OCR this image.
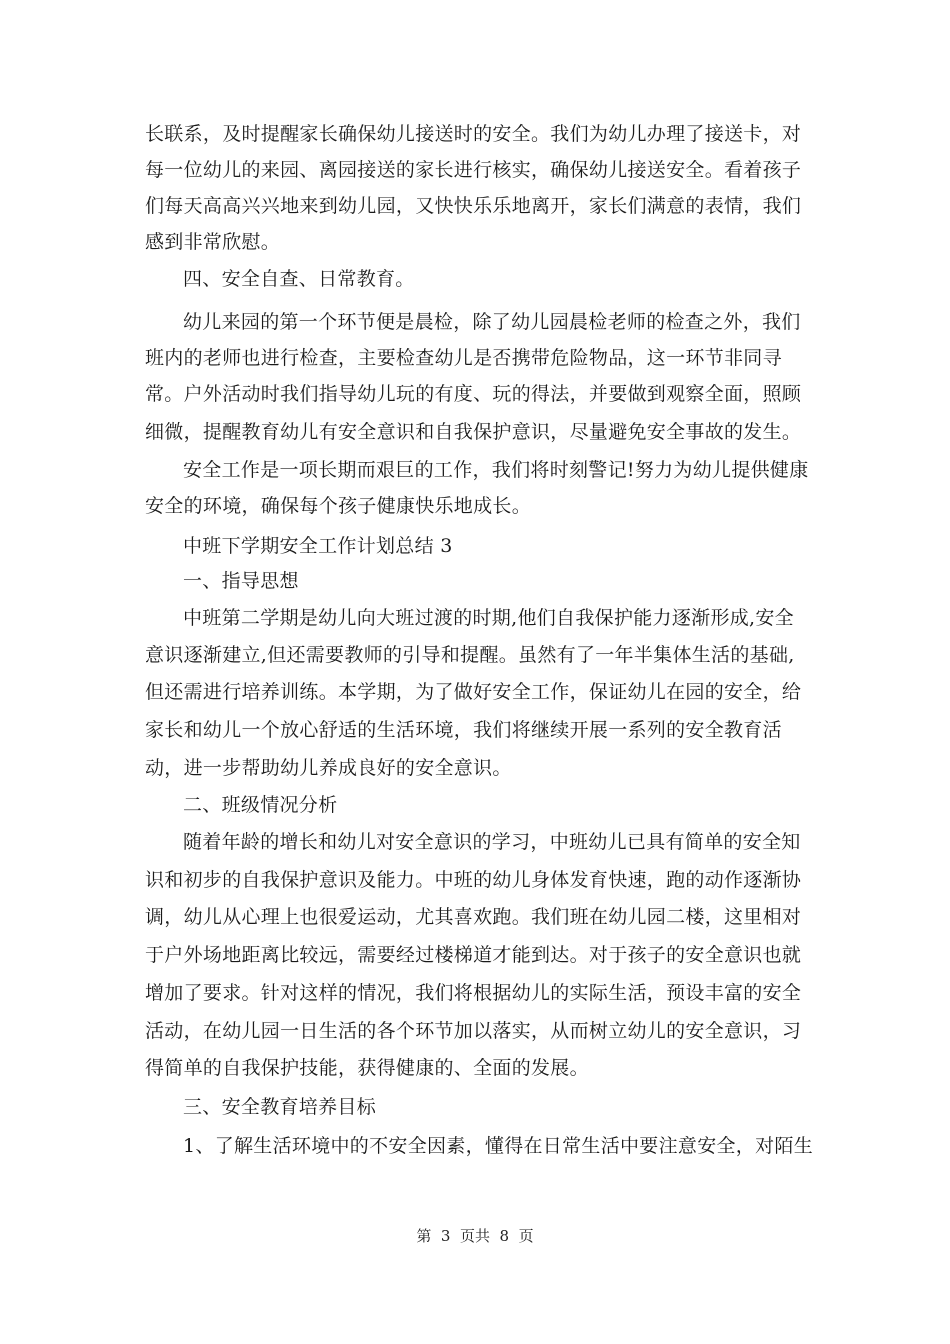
长联系，及时提醒家长确保幼儿接送时的安全。我们为幼儿办理了接送卡，对
每一位幼儿的来园、离园接送的家长进行核实，确保幼儿接送安全。看着孩子
们每天高高兴兴地来到幼儿园，又快快乐乐地离开，家长们满意的表情，我们
感到非常欣慰。
四、安全自查、日常教育。
幼儿来园的第一个环节便是晨检，除了幼儿园晨检老师的检查之外，我们
班内的老师也进行检查，主要检查幼儿是否携带危险物品，这一环节非同寻
常。户外活动时我们指导幼儿玩的有度、玩的得法，并要做到观察全面，照顾
细微，提醒教育幼儿有安全意识和自我保护意识，尽量避免安全事故的发生。
安全工作是一项长期而艰巨的工作，我们将时刻警记!努力为幼儿提供健康
安全的环境，确保每个孩子健康快乐地成长。
中班下学期安全工作计划总结 3
一、指导思想
中班第二学期是幼儿向大班过渡的时期,他们自我保护能力逐渐形成,安全
意识逐渐建立,但还需要教师的引导和提醒。虽然有了一年半集体生活的基础,
但还需进行培养训练。本学期，为了做好安全工作，保证幼儿在园的安全，给
家长和幼儿一个放心舒适的生活环境，我们将继续开展一系列的安全教育活
动，进一步帮助幼儿养成良好的安全意识。
二、班级情况分析
随着年龄的增长和幼儿对安全意识的学习，中班幼儿已具有简单的安全知
识和初步的自我保护意识及能力。中班的幼儿身体发育快速，跑的动作逐渐协
调，幼儿从心理上也很爱运动，尤其喜欢跑。我们班在幼儿园二楼，这里相对
于户外场地距离比较远，需要经过楼梯道才能到达。对于孩子的安全意识也就
增加了要求。针对这样的情况，我们将根据幼儿的实际生活，预设丰富的安全
活动，在幼儿园一日生活的各个环节加以落实，从而树立幼儿的安全意识，习
得简单的自我保护技能，获得健康的、全面的发展。
三、安全教育培养目标
1、了解生活环境中的不安全因素，懂得在日常生活中要注意安全，对陌生
第  3  页共  8  页
